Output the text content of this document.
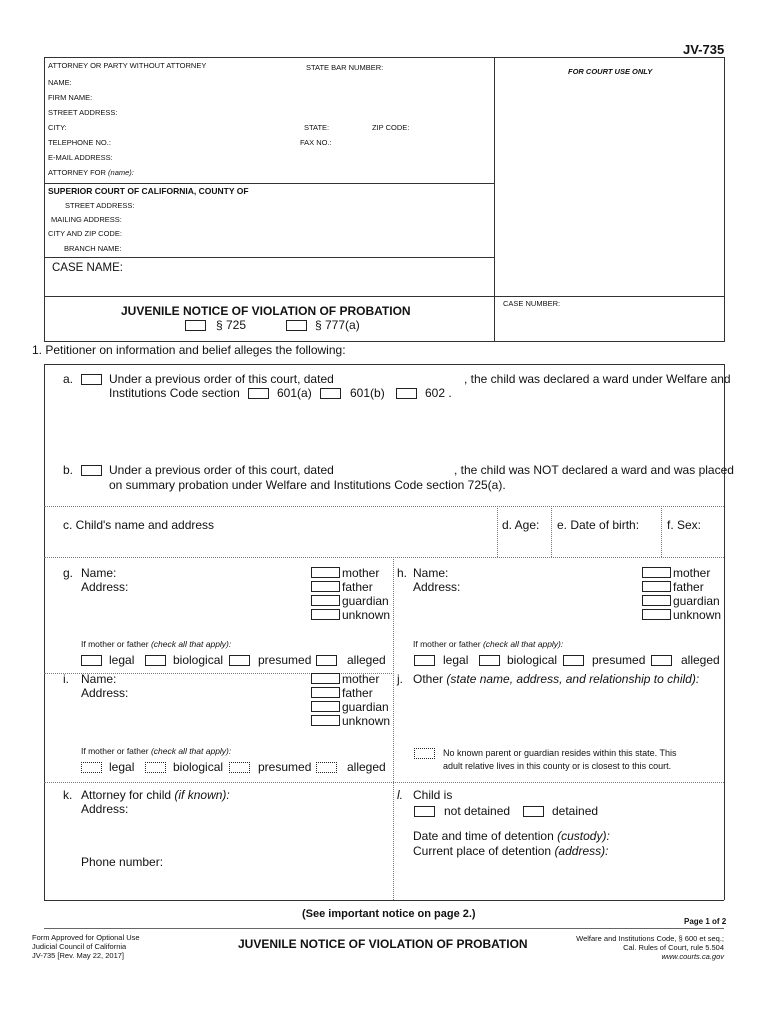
JV-735
ATTORNEY OR PARTY WITHOUT ATTORNEY	STATE BAR NUMBER:	FOR COURT USE ONLY
NAME:
FIRM NAME:
STREET ADDRESS:
CITY:	STATE:	ZIP CODE:
TELEPHONE NO.:	FAX NO.:
E-MAIL ADDRESS:
ATTORNEY FOR (name):
SUPERIOR COURT OF CALIFORNIA, COUNTY OF
STREET ADDRESS:
MAILING ADDRESS:
CITY AND ZIP CODE:
BRANCH NAME:
CASE NAME:
JUVENILE NOTICE OF VIOLATION OF PROBATION
§ 725	§ 777(a)
CASE NUMBER:
1. Petitioner on information and belief alleges the following:
a.	Under a previous order of this court, dated	, the child was declared a ward under Welfare and
Institutions Code section	601(a)	601(b)	602 .
b.	Under a previous order of this court, dated	, the child was NOT declared a ward and was placed
on summary probation under Welfare and Institutions Code section 725(a).
c. Child's name and address	d. Age: e. Date of birth: f. Sex:
g. Name:
Address:
mother
father
guardian
unknown
If mother or father (check all that apply):
legal	biological	presumed	alleged
h. Name:
Address:
mother
father
guardian
unknown
If mother or father (check all that apply):
legal	biological	presumed	alleged
i. Name:
Address:
mother
father
guardian
unknown
If mother or father (check all that apply):
legal	biological	presumed	alleged
j. Other (state name, address, and relationship to child):
No known parent or guardian resides within this state. This
adult relative lives in this county or is closest to this court.
k. Attorney for child (if known):
Address:
Phone number:
l. Child is
not detained	detained
Date and time of detention (custody):
Current place of detention (address):
(See important notice on page 2.)
Page 1 of 2
Form Approved for Optional Use
Judicial Council of California
JV-735 [Rev. May 22, 2017]
JUVENILE NOTICE OF VIOLATION OF PROBATION	Welfare and Institutions Code, § 600 et seq.;
Cal. Rules of Court, rule 5.504
www.courts.ca.gov
